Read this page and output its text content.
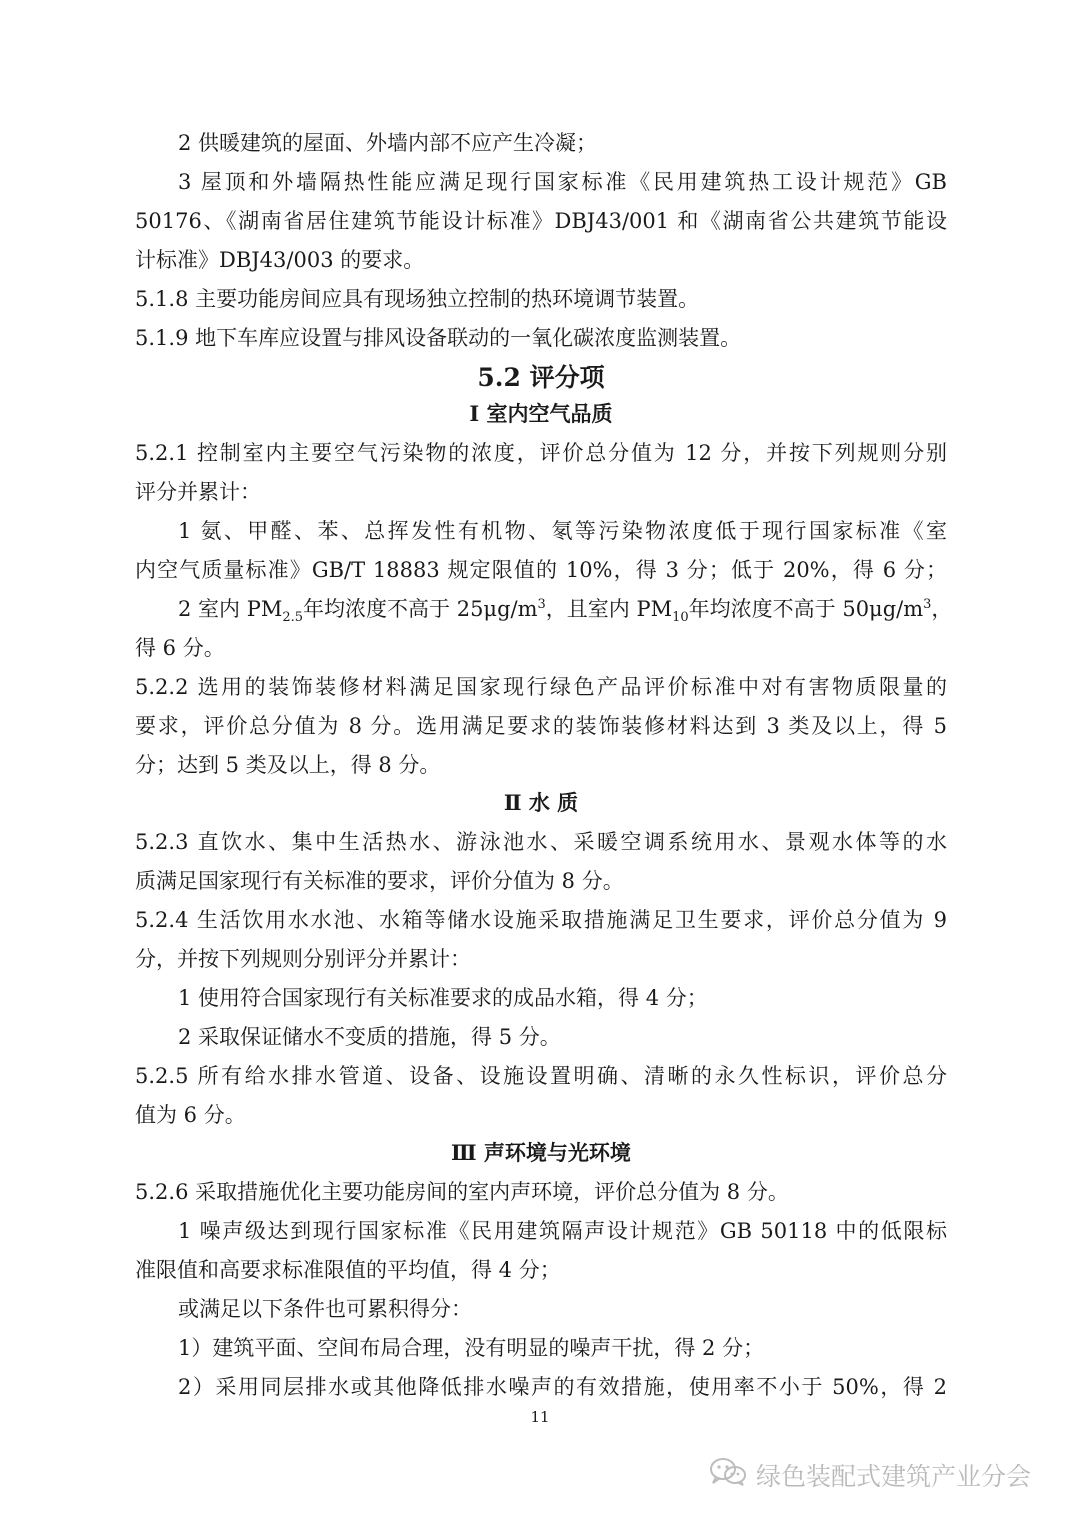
2 供暖建筑的屋面、外墙内部不应产生冷凝；
3 屋顶和外墙隔热性能应满足现行国家标准《民用建筑热工设计规范》GB
50176、《湖南省居住建筑节能设计标准》DBJ43/001 和《湖南省公共建筑节能设
计标准》DBJ43/003 的要求。
5.1.8 主要功能房间应具有现场独立控制的热环境调节装置。
5.1.9 地下车库应设置与排风设备联动的一氧化碳浓度监测装置。
5.2 评分项
Ⅰ 室内空气品质
5.2.1 控制室内主要空气污染物的浓度，评价总分值为 12 分，并按下列规则分别
评分并累计：
1 氨、甲醛、苯、总挥发性有机物、氡等污染物浓度低于现行国家标准《室
内空气质量标准》GB/T 18883 规定限值的 10%，得 3 分；低于 20%，得 6 分；
2 室内 $PM_{2.5}$年均浓度不高于 $25\mu g/m^3$，且室内 $PM_{10}$年均浓度不高于 $50\mu g/m^3$，
得 6 分。
5.2.2 选用的装饰装修材料满足国家现行绿色产品评价标准中对有害物质限量的
要求，评价总分值为 8 分。选用满足要求的装饰装修材料达到 3 类及以上，得 5
分；达到 5 类及以上，得 8 分。
Ⅱ 水 质
5.2.3 直饮水、集中生活热水、游泳池水、采暖空调系统用水、景观水体等的水
质满足国家现行有关标准的要求，评价分值为 8 分。
5.2.4 生活饮用水水池、水箱等储水设施采取措施满足卫生要求，评价总分值为 9
分，并按下列规则分别评分并累计：
1 使用符合国家现行有关标准要求的成品水箱，得 4 分；
2 采取保证储水不变质的措施，得 5 分。
5.2.5 所有给水排水管道、设备、设施设置明确、清晰的永久性标识，评价总分
值为 6 分。
Ⅲ 声环境与光环境
5.2.6 采取措施优化主要功能房间的室内声环境，评价总分值为 8 分。
1 噪声级达到现行国家标准《民用建筑隔声设计规范》GB 50118 中的低限标
准限值和高要求标准限值的平均值，得 4 分；
或满足以下条件也可累积得分：
1）建筑平面、空间布局合理，没有明显的噪声干扰，得 2 分；
2）采用同层排水或其他降低排水噪声的有效措施，使用率不小于 50%，得 2
11
绿色装配式建筑产业分会
